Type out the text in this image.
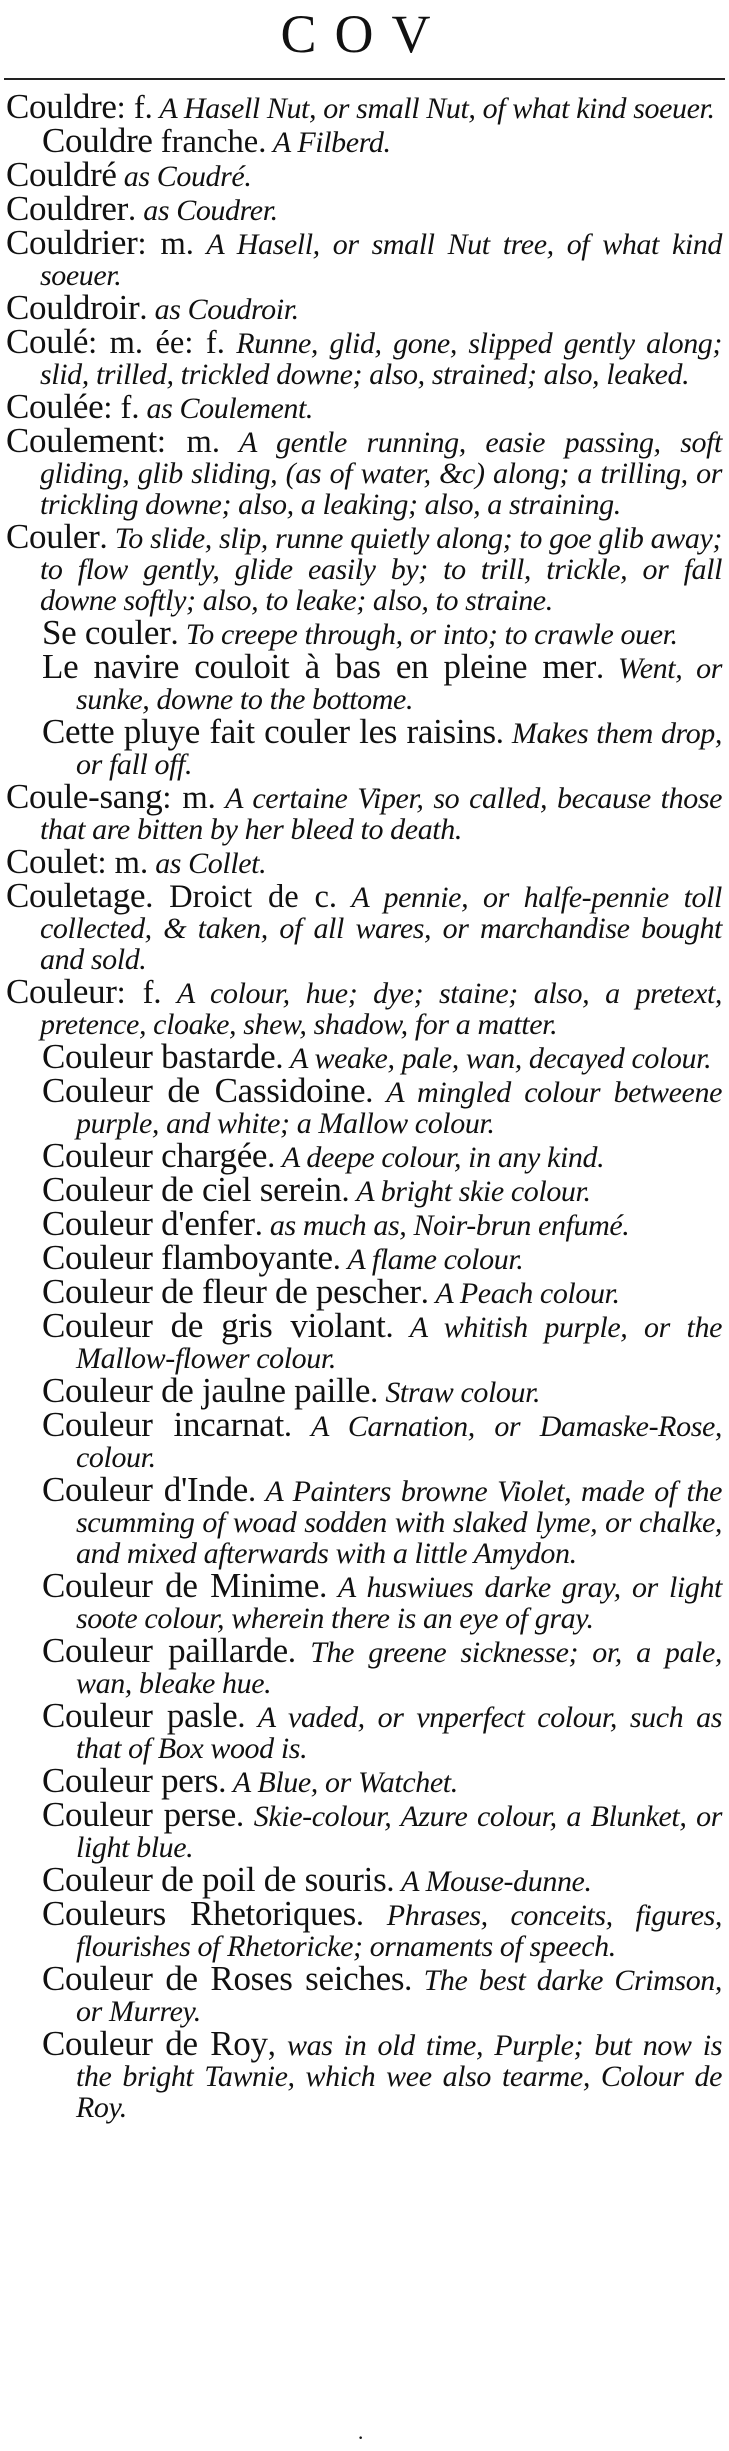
COV
Couldre: f. A Hasell Nut, or small Nut, of what kind soeuer.
Couldre franche. A Filberd.
Couldré as Coudré.
Couldrer. as Coudrer.
Couldrier: m. A Hasell, or small Nut tree, of what kind soeuer.
Couldroir. as Coudroir.
Coulé: m. ée: f. Runne, glid, gone, slipped gently along; slid, trilled, trickled downe; also, strained; also, leaked.
Coulée: f. as Coulement.
Coulement: m. A gentle running, easie passing, soft gliding, glib sliding, (as of water, &c) along; a trilling, or trickling downe; also, a leaking; also, a straining.
Couler. To slide, slip, runne quietly along; to goe glib away; to flow gently, glide easily by; to trill, trickle, or fall downe softly; also, to leake; also, to straine.
Se couler. To creepe through, or into; to crawle ouer.
Le navire couloit à bas en pleine mer. Went, or sunke, downe to the bottome.
Cette pluye fait couler les raisins. Makes them drop, or fall off.
Coule-sang: m. A certaine Viper, so called, because those that are bitten by her bleed to death.
Coulet: m. as Collet.
Couletage. Droict de c. A pennie, or halfe-pennie toll collected, & taken, of all wares, or marchandise bought and sold.
Couleur: f. A colour, hue; dye; staine; also, a pretext, pretence, cloake, shew, shadow, for a matter.
Couleur bastarde. A weake, pale, wan, decayed colour.
Couleur de Cassidoine. A mingled colour betweene purple, and white; a Mallow colour.
Couleur chargée. A deepe colour, in any kind.
Couleur de ciel serein. A bright skie colour.
Couleur d'enfer. as much as, Noir-brun enfumé.
Couleur flamboyante. A flame colour.
Couleur de fleur de pescher. A Peach colour.
Couleur de gris violant. A whitish purple, or the Mallow-flower colour.
Couleur de jaulne paille. Straw colour.
Couleur incarnat. A Carnation, or Damaske-Rose, colour.
Couleur d'Inde. A Painters browne Violet, made of the scumming of woad sodden with slaked lyme, or chalke, and mixed afterwards with a little Amydon.
Couleur de Minime. A huswiues darke gray, or light soote colour, wherein there is an eye of gray.
Couleur paillarde. The greene sicknesse; or, a pale, wan, bleake hue.
Couleur pasle. A vaded, or vnperfect colour, such as that of Box wood is.
Couleur pers. A Blue, or Watchet.
Couleur perse. Skie-colour, Azure colour, a Blunket, or light blue.
Couleur de poil de souris. A Mouse-dunne.
Couleurs Rhetoriques. Phrases, conceits, figures, flourishes of Rhetoricke; ornaments of speech.
Couleur de Roses seiches. The best darke Crimson, or Murrey.
Couleur de Roy, was in old time, Purple; but now is the bright Tawnie, which wee also tearme, Colour de Roy.
·
